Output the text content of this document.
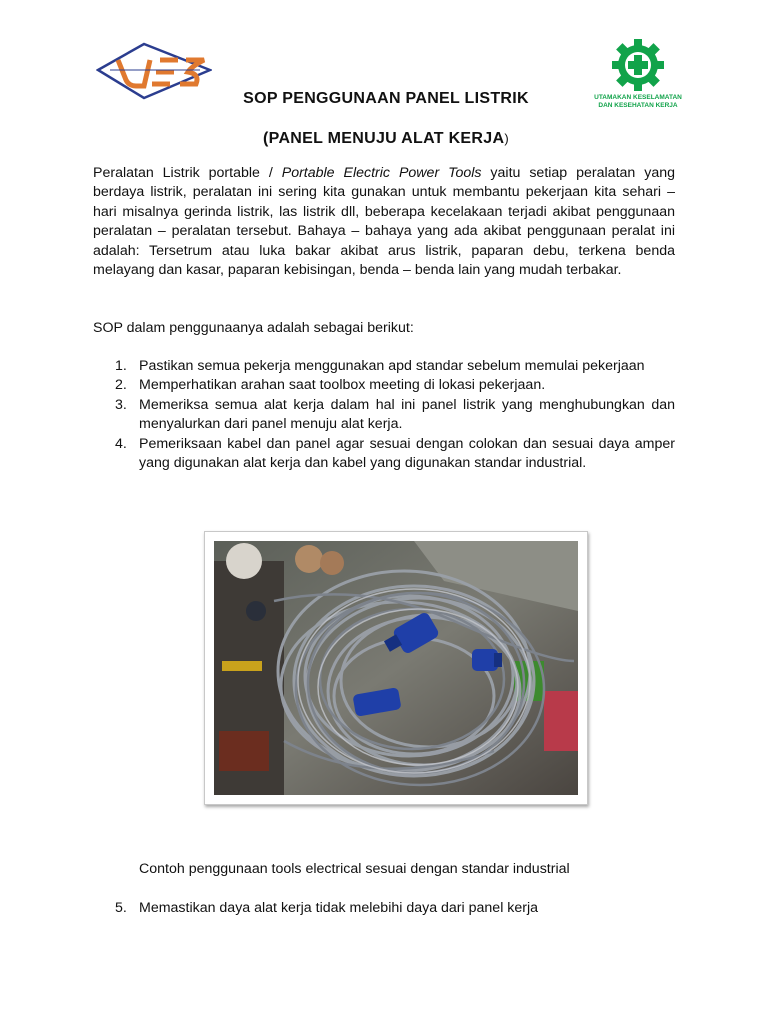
UTAMAKAN KESELAMATAN
DAN KESEHATAN KERJA
SOP PENGGUNAAN PANEL LISTRIK
(PANEL MENUJU ALAT KERJA)

Peralatan Listrik portable / Portable Electric Power Tools yaitu setiap peralatan yang berdaya listrik, peralatan ini sering kita gunakan untuk membantu pekerjaan kita sehari – hari misalnya gerinda listrik, las listrik dll, beberapa kecelakaan terjadi akibat penggunaan peralatan – peralatan tersebut. Bahaya – bahaya yang ada akibat penggunaan peralat ini adalah: Tersetrum atau luka bakar akibat arus listrik, paparan debu, terkena benda melayang dan kasar, paparan kebisingan, benda – benda lain yang mudah terbakar.

SOP dalam penggunaanya adalah sebagai berikut:

1. Pastikan semua pekerja menggunakan apd standar sebelum memulai pekerjaan
2. Memperhatikan arahan saat toolbox meeting di lokasi pekerjaan.
3. Memeriksa semua alat kerja dalam hal ini panel listrik yang menghubungkan dan menyalurkan dari panel menuju alat kerja.
4. Pemeriksaan kabel dan panel agar sesuai dengan colokan dan sesuai daya amper yang digunakan alat kerja dan kabel yang digunakan standar industrial.
Contoh penggunaan tools electrical sesuai dengan standar industrial
5. Memastikan daya alat kerja tidak melebihi daya dari panel kerja
